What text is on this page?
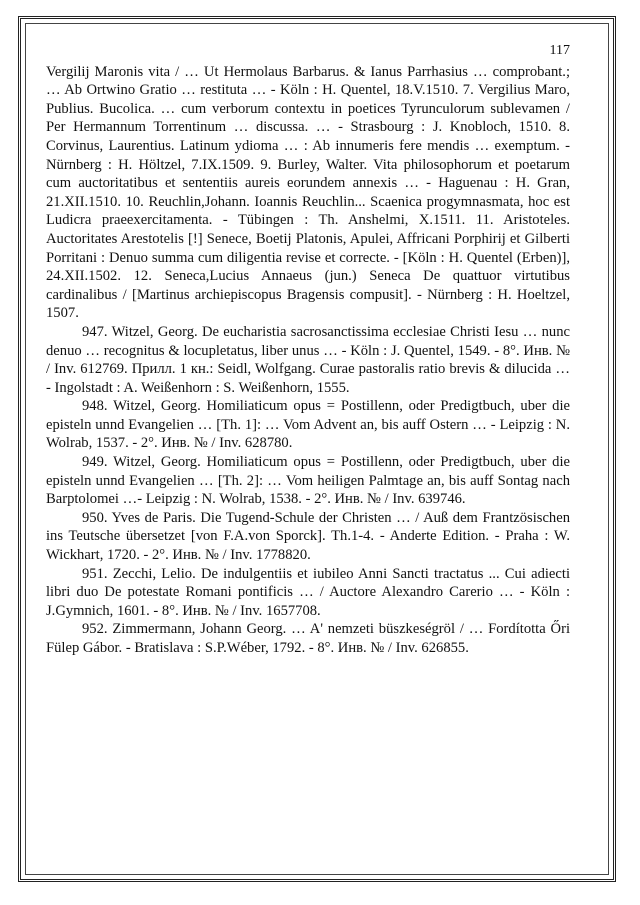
117

Vergilij Maronis vita / … Ut Hermolaus Barbarus. & Ianus Parrhasius … comprobant.; … Ab Ortwino Gratio … restituta … - Köln : H. Quentel, 18.V.1510. 7. Vergilius Maro, Publius. Bucolica. … cum verborum contextu in poetices Tyrunculorum sublevamen / Per Hermannum Torrentinum … discussa. … - Strasbourg : J. Knobloch, 1510. 8. Corvinus, Laurentius. Latinum ydioma … : Ab innumeris fere mendis … exemptum. - Nürnberg : H. Höltzel, 7.IX.1509. 9. Burley, Walter. Vita philosophorum et poetarum cum auctoritatibus et sententiis aureis eorundem annexis … - Haguenau : H. Gran, 21.XII.1510. 10. Reuchlin,Johann. Ioannis Reuchlin... Scaenica progymnasmata, hoc est Ludicra praeexercitamenta. - Tübingen : Th. Anshelmi, X.1511. 11. Aristoteles. Auctoritates Arestotelis [!] Senece, Boetij Platonis, Apulei, Affricani Porphirij et Gilberti Porritani : Denuo summa cum diligentia revise et correcte. - [Köln : H. Quentel (Erben)], 24.XII.1502. 12. Seneca,Lucius Annaeus (jun.) Seneca De quattuor virtutibus cardinalibus / [Martinus archiepiscopus Bragensis compusit]. - Nürnberg : H. Hoeltzel, 1507.

947. Witzel, Georg. De eucharistia sacrosanctissima ecclesiae Christi Iesu … nunc denuo … recognitus & locupletatus, liber unus … - Köln : J. Quentel, 1549. - 8°. Инв. № / Inv. 612769. Прилл. 1 кн.: Seidl, Wolfgang. Curae pastoralis ratio brevis & dilucida … - Ingolstadt : A. Weißenhorn : S. Weißenhorn, 1555.

948. Witzel, Georg. Homiliaticum opus = Postillenn, oder Predigtbuch, uber die episteln unnd Evangelien … [Th. 1]: … Vom Advent an, bis auff Ostern … - Leipzig : N. Wolrab, 1537. - 2°. Инв. № / Inv. 628780.

949. Witzel, Georg. Homiliaticum opus = Postillenn, oder Predigtbuch, uber die episteln unnd Evangelien … [Th. 2]: … Vom heiligen Palmtage an, bis auff Sontag nach Barptolomei …- Leipzig : N. Wolrab, 1538. - 2°. Инв. № / Inv. 639746.

950. Yves de Paris. Die Tugend-Schule der Christen … / Auß dem Frantzösischen ins Teutsche übersetzet [von F.A.von Sporck]. Th.1-4. - Anderte Edition. - Praha : W. Wickhart, 1720. - 2°. Инв. № / Inv. 1778820.

951. Zecchi, Lelio. De indulgentiis et iubileo Anni Sancti tractatus ... Cui adiecti libri duo De potestate Romani pontificis … / Auctore Alexandro Carerio … - Köln : J.Gymnich, 1601. - 8°. Инв. № / Inv. 1657708.

952. Zimmermann, Johann Georg. … A' nemzeti büszkeségröl / … Fordította Őri Fülep Gábor. - Bratislava : S.P.Wéber, 1792. - 8°. Инв. № / Inv. 626855.
